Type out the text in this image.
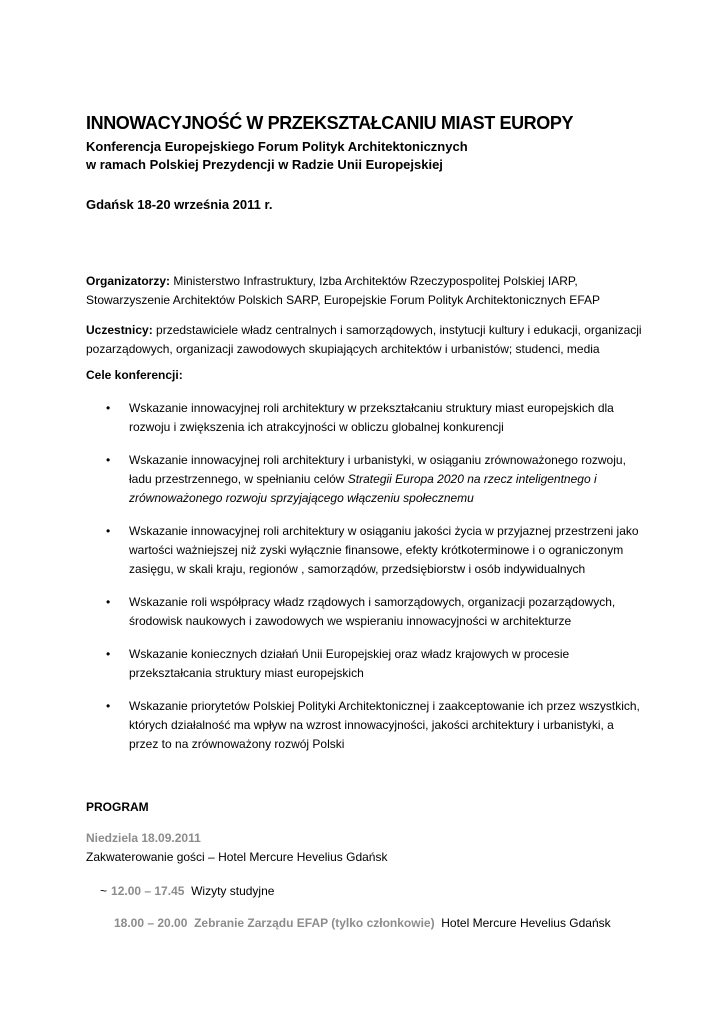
INNOWACYJNOŚĆ W PRZEKSZTAŁCANIU MIAST EUROPY
Konferencja Europejskiego Forum Polityk Architektonicznych
w ramach Polskiej Prezydencji w Radzie Unii Europejskiej
Gdańsk 18-20 września 2011 r.
Organizatorzy: Ministerstwo Infrastruktury, Izba Architektów Rzeczypospolitej Polskiej IARP, Stowarzyszenie Architektów Polskich SARP, Europejskie Forum Polityk Architektonicznych EFAP
Uczestnicy: przedstawiciele władz centralnych i samorządowych, instytucji kultury i edukacji, organizacji pozarządowych, organizacji zawodowych skupiających architektów i urbanistów; studenci, media
Cele konferencji:
• Wskazanie innowacyjnej roli architektury w przekształcaniu struktury miast europejskich dla rozwoju i zwiększenia ich atrakcyjności w obliczu globalnej konkurencji
• Wskazanie innowacyjnej roli architektury i urbanistyki, w osiąganiu zrównoważonego rozwoju, ładu przestrzennego, w spełnianiu celów Strategii Europa 2020 na rzecz inteligentnego i zrównoważonego rozwoju sprzyjającego włączeniu społecznemu
• Wskazanie innowacyjnej roli architektury w osiąganiu jakości życia w przyjaznej przestrzeni jako wartości ważniejszej niż zyski wyłącznie finansowe, efekty krótkoterminowe i o ograniczonym zasięgu, w skali kraju, regionów , samorządów, przedsiębiorstw i osób indywidualnych
• Wskazanie roli współpracy władz rządowych i samorządowych, organizacji pozarządowych, środowisk naukowych i zawodowych we wspieraniu innowacyjności w architekturze
• Wskazanie koniecznych działań Unii Europejskiej oraz władz krajowych w procesie przekształcania struktury miast europejskich
• Wskazanie priorytetów Polskiej Polityki Architektonicznej i zaakceptowanie ich przez wszystkich, których działalność ma wpływ na wzrost innowacyjności, jakości architektury i urbanistyki, a przez to na zrównoważony rozwój Polski
PROGRAM
Niedziela 18.09.2011
Zakwaterowanie gości – Hotel Mercure Hevelius Gdańsk
~ 12.00 – 17.45 Wizyty studyjne
18.00 – 20.00 Zebranie Zarządu EFAP (tylko członkowie) Hotel Mercure Hevelius Gdańsk
